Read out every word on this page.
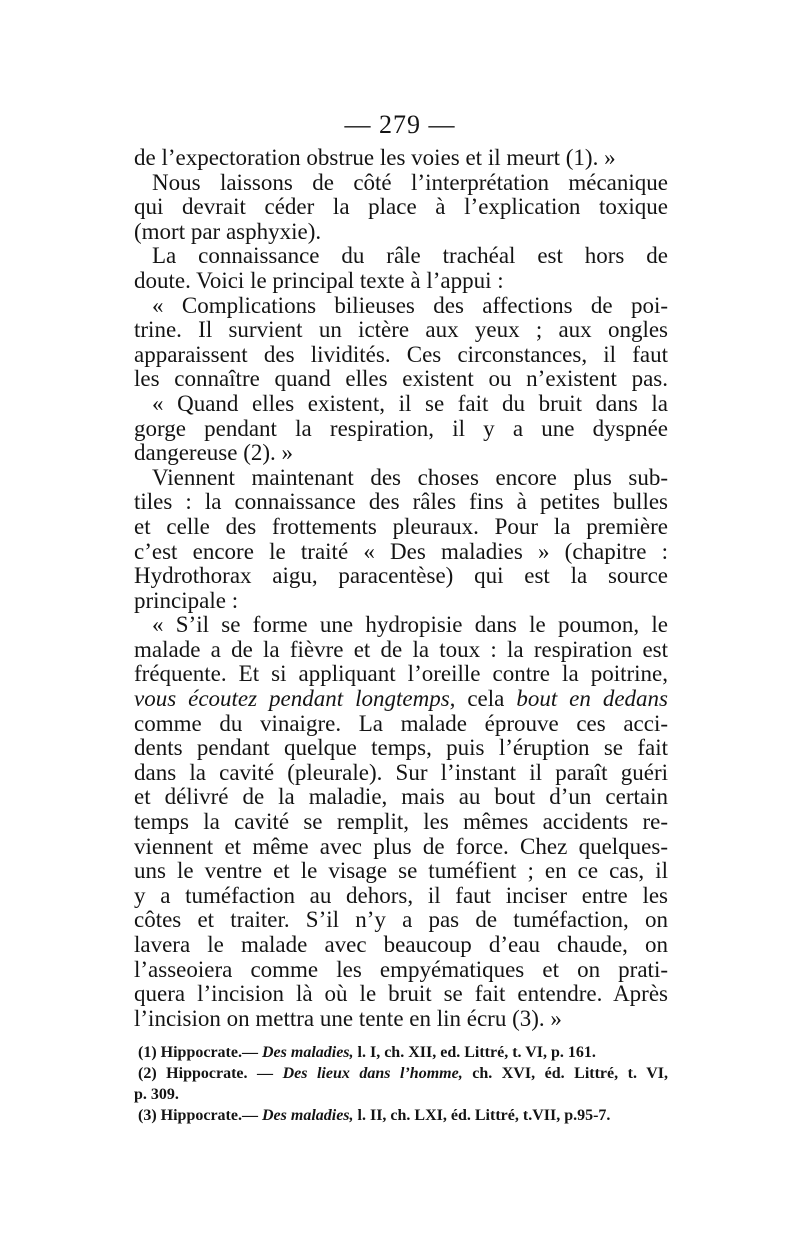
— 279 —
de l’expectoration obstrue les voies et il meurt (1). »
Nous laissons de côté l’interprétation mécanique
qui devrait céder la place à l’explication toxique
(mort par asphyxie).
La connaissance du râle trachéal est hors de
doute. Voici le principal texte à l’appui :
« Complications bilieuses des affections de poi-
trine. Il survient un ictère aux yeux ; aux ongles
apparaissent des lividités. Ces circonstances, il faut
les connaître quand elles existent ou n’existent pas.
« Quand elles existent, il se fait du bruit dans la
gorge pendant la respiration, il y a une dyspnée
dangereuse (2). »
Viennent maintenant des choses encore plus sub-
tiles : la connaissance des râles fins à petites bulles
et celle des frottements pleuraux. Pour la première
c’est encore le traité « Des maladies » (chapitre :
Hydrothorax aigu, paracentèse) qui est la source
principale :
« S’il se forme une hydropisie dans le poumon, le
malade a de la fièvre et de la toux : la respiration est
fréquente. Et si appliquant l’oreille contre la poitrine,
vous écoutez pendant longtemps, cela bout en dedans
comme du vinaigre. La malade éprouve ces acci-
dents pendant quelque temps, puis l’éruption se fait
dans la cavité (pleurale). Sur l’instant il paraît guéri
et délivré de la maladie, mais au bout d’un certain
temps la cavité se remplit, les mêmes accidents re-
viennent et même avec plus de force. Chez quelques-
uns le ventre et le visage se tuméfient ; en ce cas, il
y a tuméfaction au dehors, il faut inciser entre les
côtes et traiter. S’il n’y a pas de tuméfaction, on
lavera le malade avec beaucoup d’eau chaude, on
l’asseoiera comme les empyématiques et on prati-
quera l’incision là où le bruit se fait entendre. Après
l’incision on mettra une tente en lin écru (3). »
(1) Hippocrate.— Des maladies, l. I, ch. XII, ed. Littré, t. VI, p. 161.
(2) Hippocrate. — Des lieux dans l’homme, ch. XVI, éd. Littré, t. VI,
p. 309.
(3) Hippocrate.— Des maladies, l. II, ch. LXI, éd. Littré, t.VII, p.95-7.
